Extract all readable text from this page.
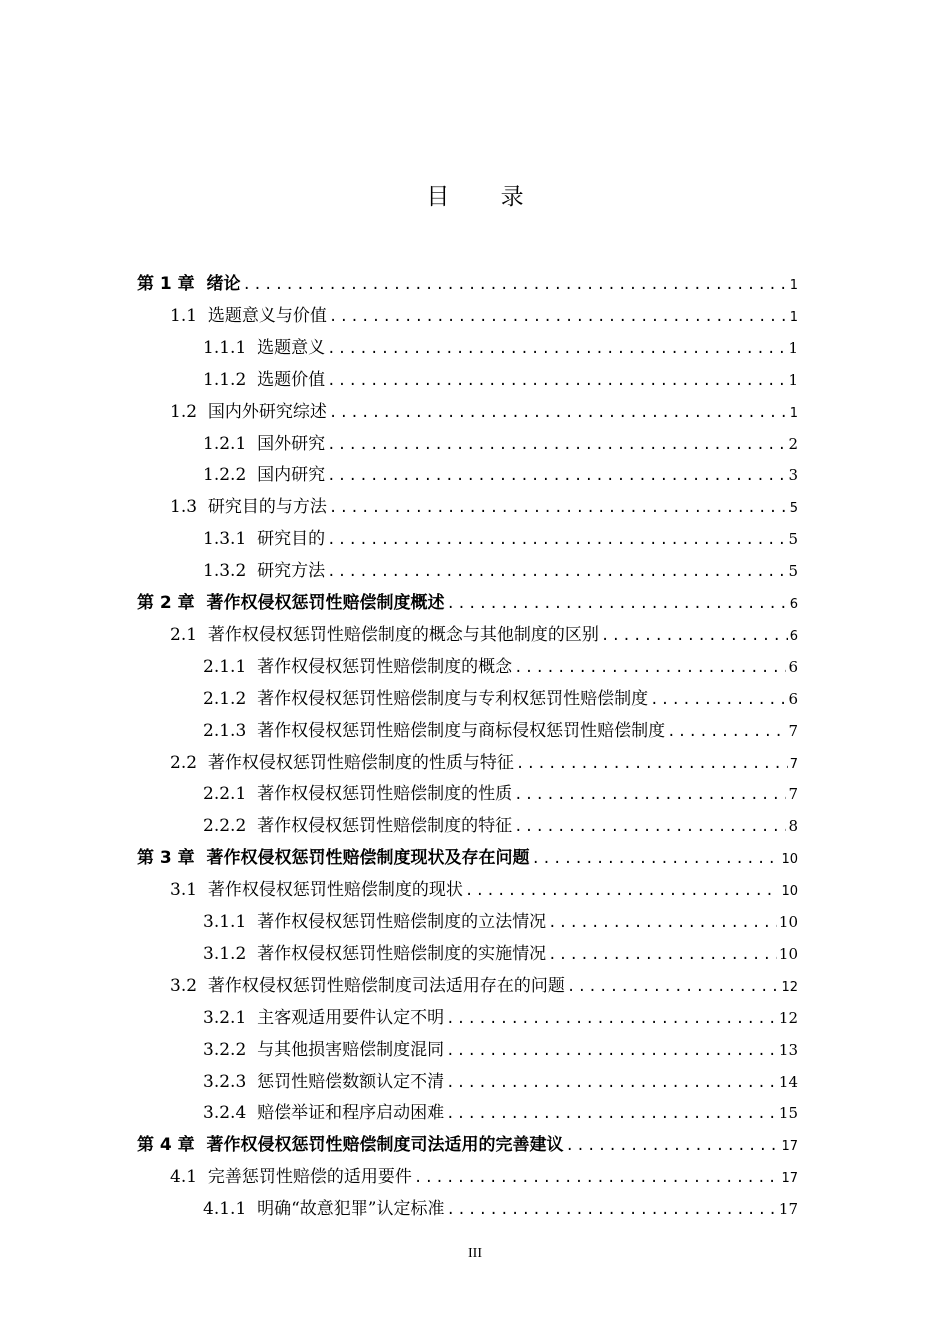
目 录
第 1 章 绪论 .....	1
1.1 选题意义与价值 .....	1
1.1.1 选题意义 .....	1
1.1.2 选题价值 .....	1
1.2 国内外研究综述 .....	1
1.2.1 国外研究 .....	2
1.2.2 国内研究 .....	3
1.3 研究目的与方法 .....	5
1.3.1 研究目的 .....	5
1.3.2 研究方法 .....	5
第 2 章 著作权侵权惩罚性赔偿制度概述 .....	6
2.1 著作权侵权惩罚性赔偿制度的概念与其他制度的区别 .....	6
2.1.1 著作权侵权惩罚性赔偿制度的概念 .....	6
2.1.2 著作权侵权惩罚性赔偿制度与专利权惩罚性赔偿制度 .....	6
2.1.3 著作权侵权惩罚性赔偿制度与商标侵权惩罚性赔偿制度 .....	7
2.2 著作权侵权惩罚性赔偿制度的性质与特征 .....	7
2.2.1 著作权侵权惩罚性赔偿制度的性质 .....	7
2.2.2 著作权侵权惩罚性赔偿制度的特征 .....	8
第 3 章 著作权侵权惩罚性赔偿制度现状及存在问题 .....	10
3.1 著作权侵权惩罚性赔偿制度的现状 .....	10
3.1.1 著作权侵权惩罚性赔偿制度的立法情况 .....	10
3.1.2 著作权侵权惩罚性赔偿制度的实施情况 .....	10
3.2 著作权侵权惩罚性赔偿制度司法适用存在的问题 .....	12
3.2.1 主客观适用要件认定不明 .....	12
3.2.2 与其他损害赔偿制度混同 .....	13
3.2.3 惩罚性赔偿数额认定不清 .....	14
3.2.4 赔偿举证和程序启动困难 .....	15
第 4 章 著作权侵权惩罚性赔偿制度司法适用的完善建议 .....	17
4.1 完善惩罚性赔偿的适用要件 .....	17
4.1.1 明确“故意犯罪”认定标准 .....	17
III
